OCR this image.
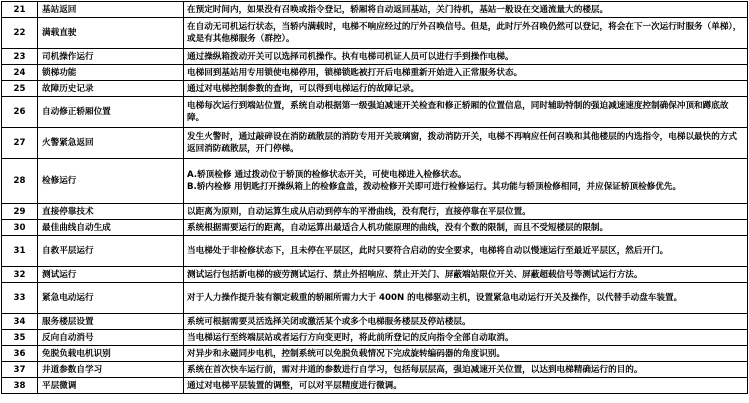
21	基站返回	在预定时间内，如果没有召唤或指令登记，轿厢将自动返回基站，关门待机，基站一般设在交通流量大的楼层。

22	满载直驶	在自动无司机运行状态，当轿内满载时，电梯不响应经过的厅外召唤信号。但是，此时厅外召唤仍然可以登记，将会在下一次运行时服务（单梯），或是有其他梯服务（群控）。

23	司机操作运行	通过操纵箱拨动开关可以选择司机操作。执有电梯司机证人员可以进行手到操作电梯。

24	锁梯功能	电梯回到基站用专用锁使电梯停用，锁梯锁匙被打开后电梯重新开始进入正常服务状态。

25	故障历史记录	通过对电梯控制参数的查询，可以得到电梯运行的故障记录。

26	自动修正轿厢位置	电梯每次运行到端站位置，系统自动根据第一级强迫减速开关检查和修正轿厢的位置信息，同时辅助特制的强迫减速速度控制确保冲顶和蹲底故障。

27	火警紧急返回	发生火警时，通过敲碎设在消防疏散层的消防专用开关玻璃窗，拨动消防开关，电梯不再响应任何召唤和其他楼层的内选指令，电梯以最快的方式返回消防疏散层，开门停梯。

28	检修运行	A.轿顶检修 通过拨动位于轿顶的检修状态开关，可使电梯进入检修状态。
B.轿内检修 用钥匙打开操纵箱上的检修盒盖，拨动检修开关即可进行检修运行。其功能与轿顶检修相同，并应保证轿顶检修优先。

29	直接停靠技术	以距离为原则，自动运算生成从启动到停车的平滑曲线，没有爬行，直接停靠在平层位置。

30	最佳曲线自动生成	系统根据需要运行的距离，自动运算出最适合人机功能原理的曲线，没有个数的限制，而且不受短楼层的限制。

31	自救平层运行	当电梯处于非检修状态下，且未停在平层区，此时只要符合启动的安全要求，电梯将自动以慢速运行至最近平层区，然后开门。

32	测试运行	测试运行包括新电梯的疲劳测试运行、禁止外招响应、禁止开关门、屏蔽端站限位开关、屏蔽超载信号等测试运行方法。

33	紧急电动运行	对于人力操作提升装有额定载重的轿厢所需力大于 400N 的电梯驱动主机，设置紧急电动运行开关及操作，以代替手动盘车装置。

34	服务楼层设置	系统可根据需要灵活选择关闭或激活某个或多个电梯服务楼层及停站楼层。

35	反向自动消号	当电梯运行至终端层站或者运行方向变更时，将此前所登记的反向指令全部自动取消。

36	免脱负载电机识别	对异步和永磁同步电机，控制系统可以免脱负载情况下完成旋转编码器的角度识别。

37	井道参数自学习	系统在首次快车运行前，需对井道的参数进行自学习，包括每层层高，强迫减速开关位置，以达到电梯精确运行的目的。

38	平层微调	通过对电梯平层装置的调整，可以对平层精度进行微调。
